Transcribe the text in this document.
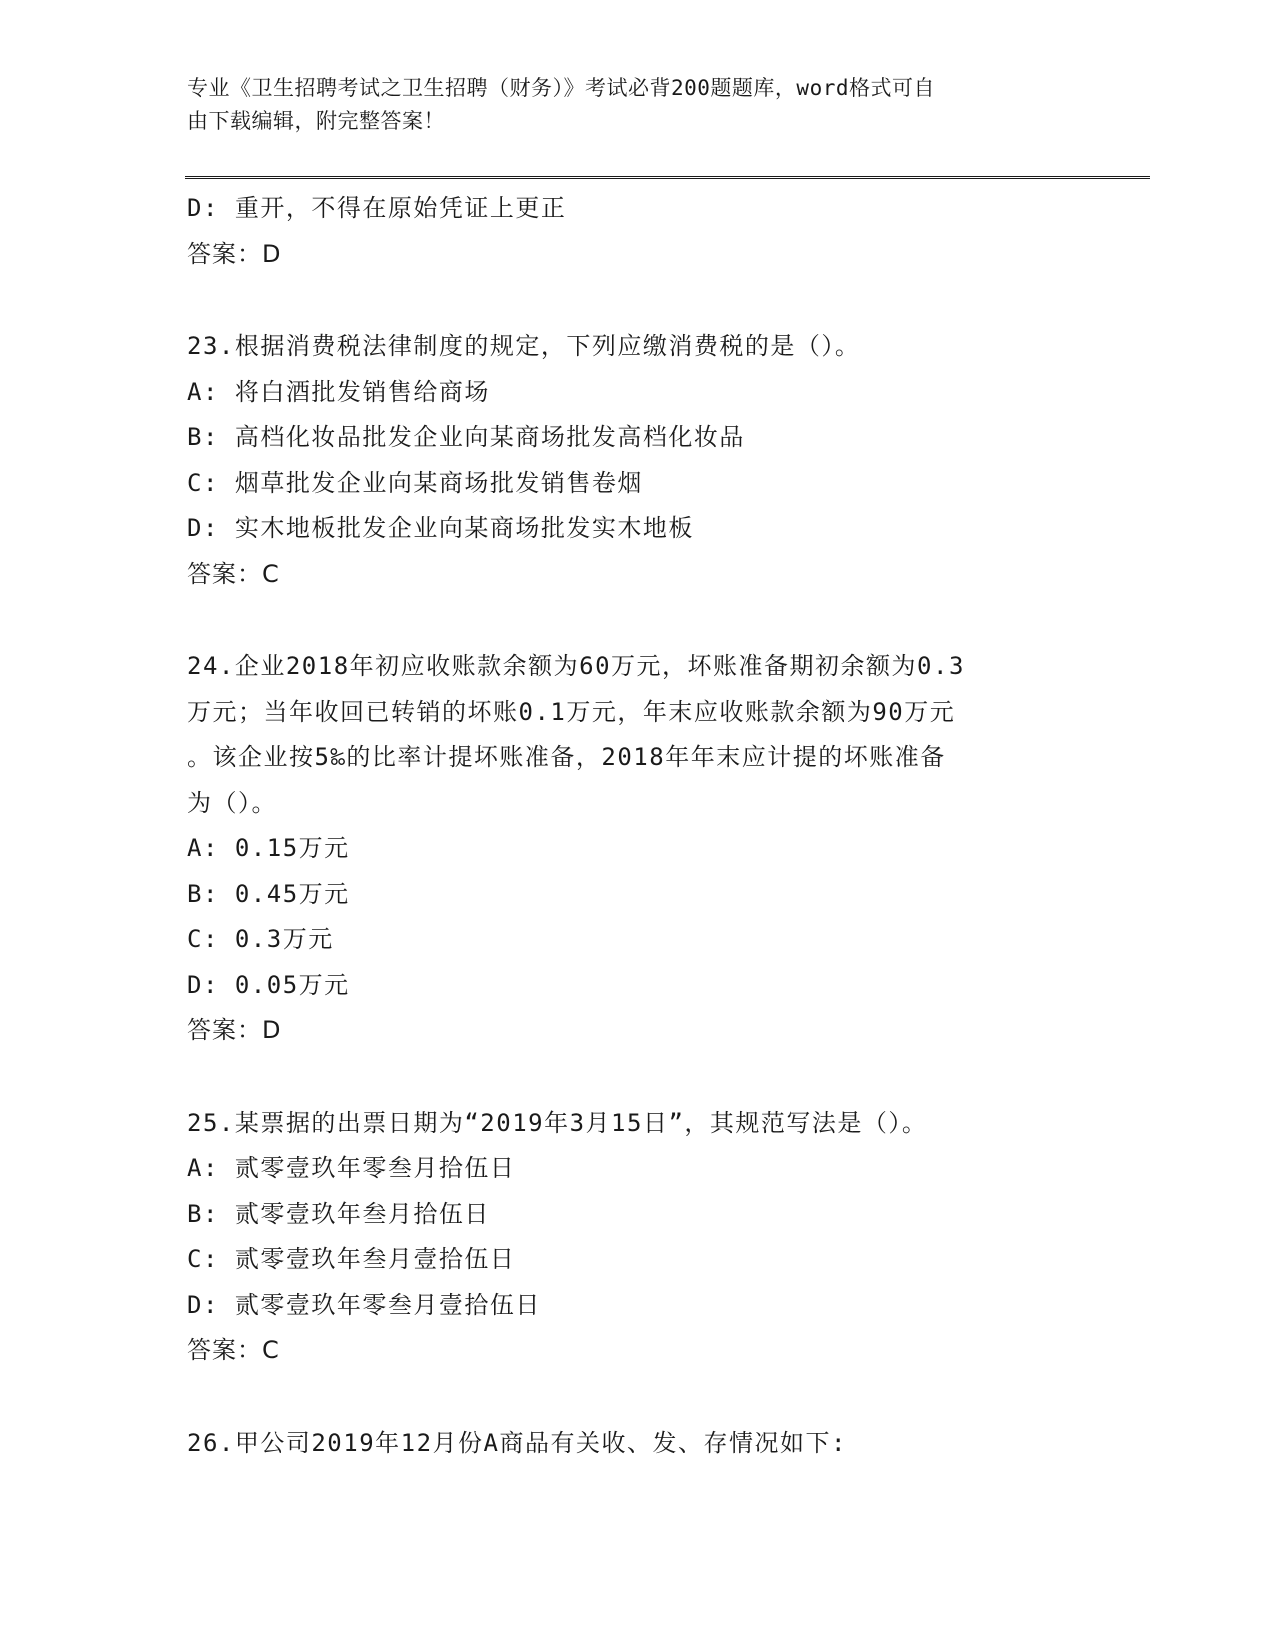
专业《卫生招聘考试之卫生招聘（财务）》考试必背200题题库，word格式可自
由下载编辑，附完整答案！
D: 重开，不得在原始凭证上更正
答案：D
23.根据消费税法律制度的规定，下列应缴消费税的是（）。
A: 将白酒批发销售给商场
B: 高档化妆品批发企业向某商场批发高档化妆品
C: 烟草批发企业向某商场批发销售卷烟
D: 实木地板批发企业向某商场批发实木地板
答案：C
24.企业2018年初应收账款余额为60万元，坏账准备期初余额为0.3
万元；当年收回已转销的坏账0.1万元，年末应收账款余额为90万元
。该企业按5‰的比率计提坏账准备，2018年年末应计提的坏账准备
为（）。
A: 0.15万元
B: 0.45万元
C: 0.3万元
D: 0.05万元
答案：D
25.某票据的出票日期为“2019年3月15日”，其规范写法是（）。
A: 贰零壹玖年零叁月拾伍日
B: 贰零壹玖年叁月拾伍日
C: 贰零壹玖年叁月壹拾伍日
D: 贰零壹玖年零叁月壹拾伍日
答案：C
26.甲公司2019年12月份A商品有关收、发、存情况如下:
